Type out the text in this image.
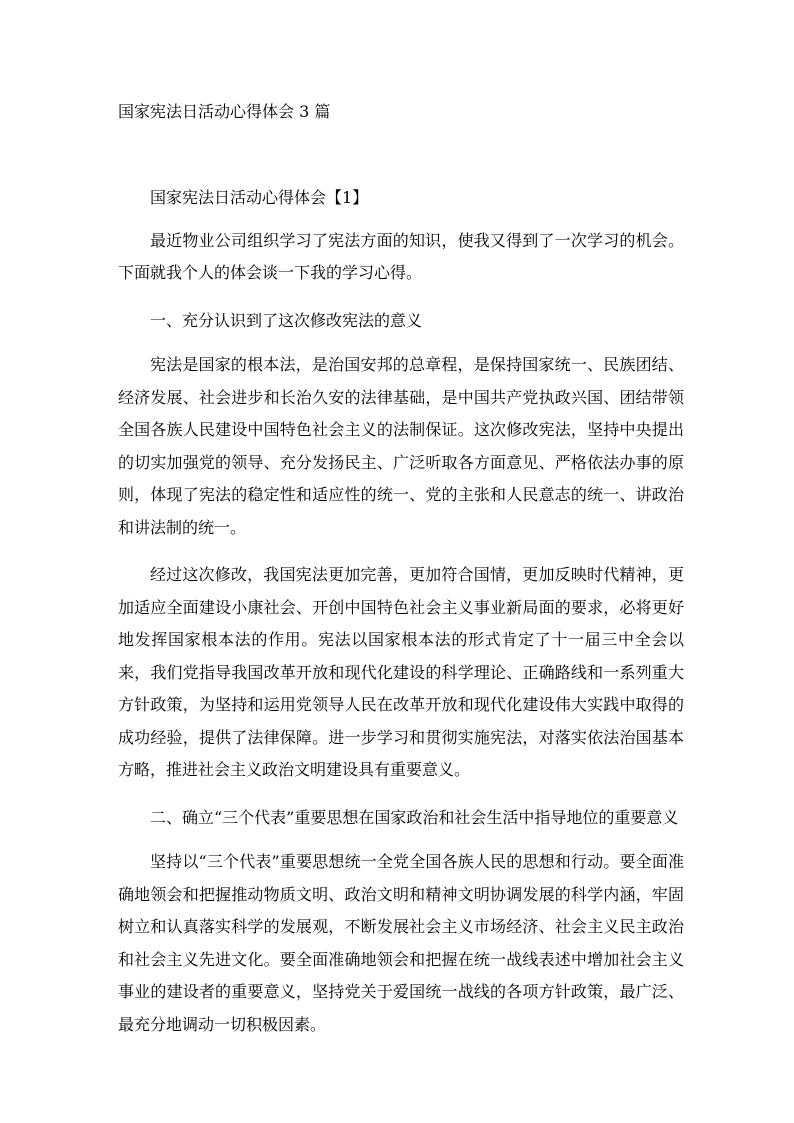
国家宪法日活动心得体会 3 篇

国家宪法日活动心得体会【1】

最近物业公司组织学习了宪法方面的知识，使我又得到了一次学习的机会。下面就我个人的体会谈一下我的学习心得。

一、充分认识到了这次修改宪法的意义

宪法是国家的根本法，是治国安邦的总章程，是保持国家统一、民族团结、经济发展、社会进步和长治久安的法律基础，是中国共产党执政兴国、团结带领全国各族人民建设中国特色社会主义的法制保证。这次修改宪法，坚持中央提出的切实加强党的领导、充分发扬民主、广泛听取各方面意见、严格依法办事的原则，体现了宪法的稳定性和适应性的统一、党的主张和人民意志的统一、讲政治和讲法制的统一。

经过这次修改，我国宪法更加完善，更加符合国情，更加反映时代精神，更加适应全面建设小康社会、开创中国特色社会主义事业新局面的要求，必将更好地发挥国家根本法的作用。宪法以国家根本法的形式肯定了十一届三中全会以来，我们党指导我国改革开放和现代化建设的科学理论、正确路线和一系列重大方针政策，为坚持和运用党领导人民在改革开放和现代化建设伟大实践中取得的成功经验，提供了法律保障。进一步学习和贯彻实施宪法，对落实依法治国基本方略，推进社会主义政治文明建设具有重要意义。

二、确立“三个代表”重要思想在国家政治和社会生活中指导地位的重要意义

坚持以“三个代表”重要思想统一全党全国各族人民的思想和行动。要全面准确地领会和把握推动物质文明、政治文明和精神文明协调发展的科学内涵，牢固树立和认真落实科学的发展观，不断发展社会主义市场经济、社会主义民主政治和社会主义先进文化。要全面准确地领会和把握在统一战线表述中增加社会主义事业的建设者的重要意义，坚持党关于爱国统一战线的各项方针政策，最广泛、最充分地调动一切积极因素。
